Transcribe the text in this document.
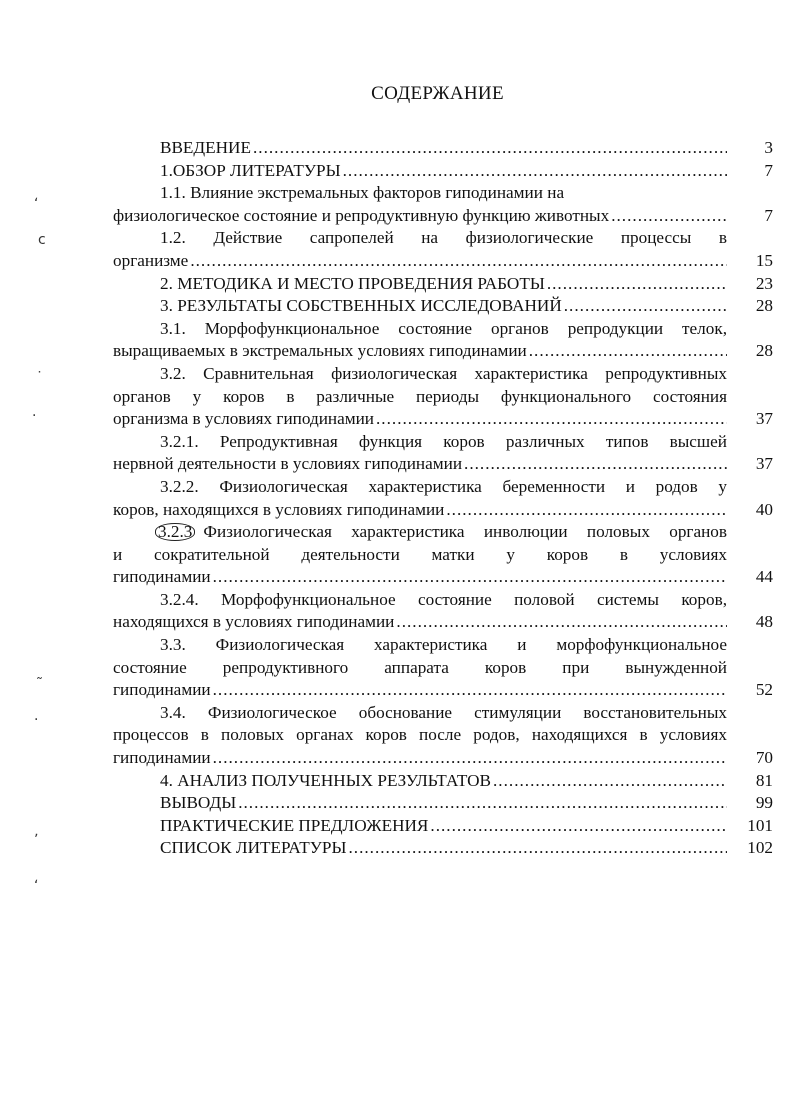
СОДЕРЖАНИЕ
ВВЕДЕНИЕ .....	3
1.ОБЗОР ЛИТЕРАТУРЫ .....	7
1.1. Влияние экстремальных факторов гиподинамии на
физиологическое состояние и репродуктивную функцию животных .....	7
1.2. Действие сапропелей на физиологические процессы в
организме .....	15
2. МЕТОДИКА И МЕСТО ПРОВЕДЕНИЯ РАБОТЫ .....	23
3. РЕЗУЛЬТАТЫ СОБСТВЕННЫХ ИССЛЕДОВАНИЙ .....	28
3.1. Морфофункциональное состояние органов репродукции телок,
выращиваемых в экстремальных условиях гиподинамии .....	28
3.2. Сравнительная физиологическая характеристика репродуктивных
органов у коров в различные периоды функционального состояния
организма в условиях гиподинамии .....	37
3.2.1. Репродуктивная функция коров различных типов высшей
нервной деятельности в условиях гиподинамии .....	37
3.2.2. Физиологическая характеристика беременности и родов у
коров, находящихся в условиях гиподинамии .....	40
3.2.3 Физиологическая характеристика инволюции половых органов
и сократительной деятельности матки у коров в условиях
гиподинамии .....	44
3.2.4. Морфофункциональное состояние половой системы коров,
находящихся в условиях гиподинамии .....	48
3.3. Физиологическая характеристика и морфофункциональное
состояние репродуктивного аппарата коров при вынужденной
гиподинамии .....	52
3.4. Физиологическое обоснование стимуляции восстановительных
процессов в половых органах коров после родов, находящихся в условиях
гиподинамии .....	70
4. АНАЛИЗ ПОЛУЧЕННЫХ РЕЗУЛЬТАТОВ .....	81
ВЫВОДЫ .....	99
ПРАКТИЧЕСКИЕ ПРЕДЛОЖЕНИЯ .....	101
СПИСОК ЛИТЕРАТУРЫ .....	102
ʻ
ⅽ
˙
·
˜
·
ʼ
ʻ
